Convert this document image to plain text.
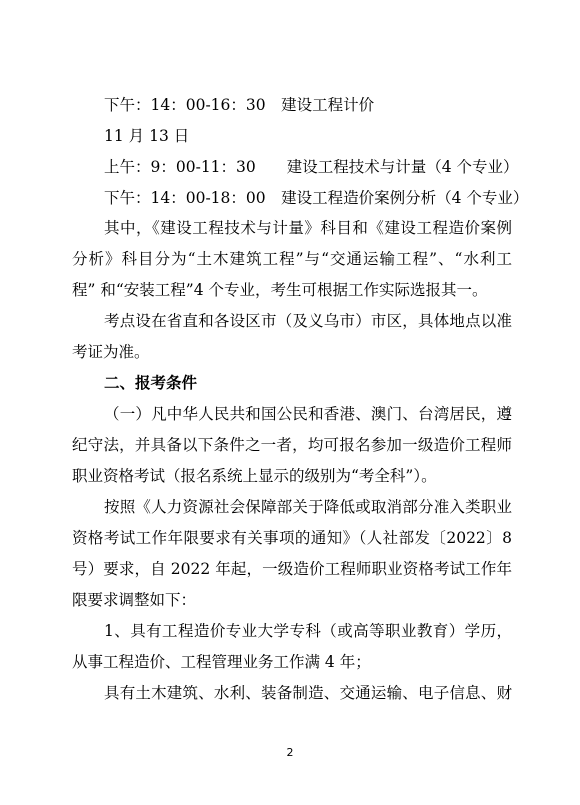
下午：14：00-16：30　建设工程计价
11 月 13 日
上午：9：00-11：30　　建设工程技术与计量（4 个专业）
下午：14：00-18：00　建设工程造价案例分析（4 个专业）
其中，《建设工程技术与计量》科目和《建设工程造价案例
分析》科目分为“土木建筑工程”与“交通运输工程”、“水利工
程” 和“安装工程”4 个专业，考生可根据工作实际选报其一。
考点设在省直和各设区市（及义乌市）市区，具体地点以准
考证为准。
二、报考条件
（一）凡中华人民共和国公民和香港、澳门、台湾居民，遵
纪守法，并具备以下条件之一者，均可报名参加一级造价工程师
职业资格考试（报名系统上显示的级别为“考全科”）。
按照《人力资源社会保障部关于降低或取消部分准入类职业
资格考试工作年限要求有关事项的通知》（人社部发〔2022〕8
号）要求，自 2022 年起，一级造价工程师职业资格考试工作年
限要求调整如下：
1、具有工程造价专业大学专科（或高等职业教育）学历，
从事工程造价、工程管理业务工作满 4 年；
具有土木建筑、水利、装备制造、交通运输、电子信息、财
2
